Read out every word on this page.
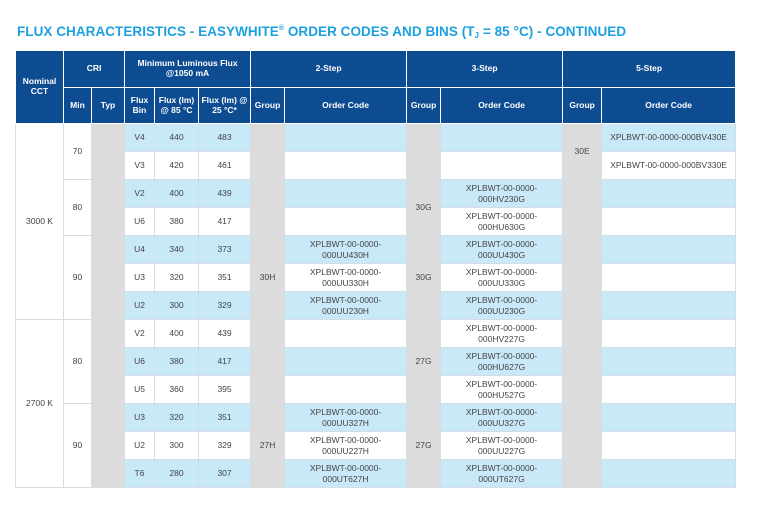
FLUX CHARACTERISTICS - EASYWHITE® ORDER CODES AND BINS ($T_J = 85$ °C) - CONTINUED
Nominal CCT	CRI		Minimum Luminous Flux @1050 mA			2-Step		3-Step		5-Step	
	Min	Typ	Flux Bin	Flux (lm) @ 85 °C	Flux (lm) @ 25 °C*	Group	Order Code	Group	Order Code	Group	Order Code
3000 K	70		V4	440	483					30E	XPLBWT-00-0000-000BV430E
			V3	420	461						XPLBWT-00-0000-000BV330E
	80		V2	400	439			30G	XPLBWT-00-0000-000HV230G		
			U6	380	417				XPLBWT-00-0000-000HU630G		
	90		U4	340	373	30H	XPLBWT-00-0000-000UU430H	30G	XPLBWT-00-0000-000UU430G		
			U3	320	351		XPLBWT-00-0000-000UU330H		XPLBWT-00-0000-000UU330G		
			U2	300	329		XPLBWT-00-0000-000UU230H		XPLBWT-00-0000-000UU230G		
2700 K	80		V2	400	439			27G	XPLBWT-00-0000-000HV227G		
			U6	380	417				XPLBWT-00-0000-000HU627G		
			U5	360	395				XPLBWT-00-0000-000HU527G		
	90		U3	320	351	27H	XPLBWT-00-0000-000UU327H	27G	XPLBWT-00-0000-000UU327G		
			U2	300	329		XPLBWT-00-0000-000UU227H		XPLBWT-00-0000-000UU227G		
			T6	280	307		XPLBWT-00-0000-000UT627H		XPLBWT-00-0000-000UT627G		
